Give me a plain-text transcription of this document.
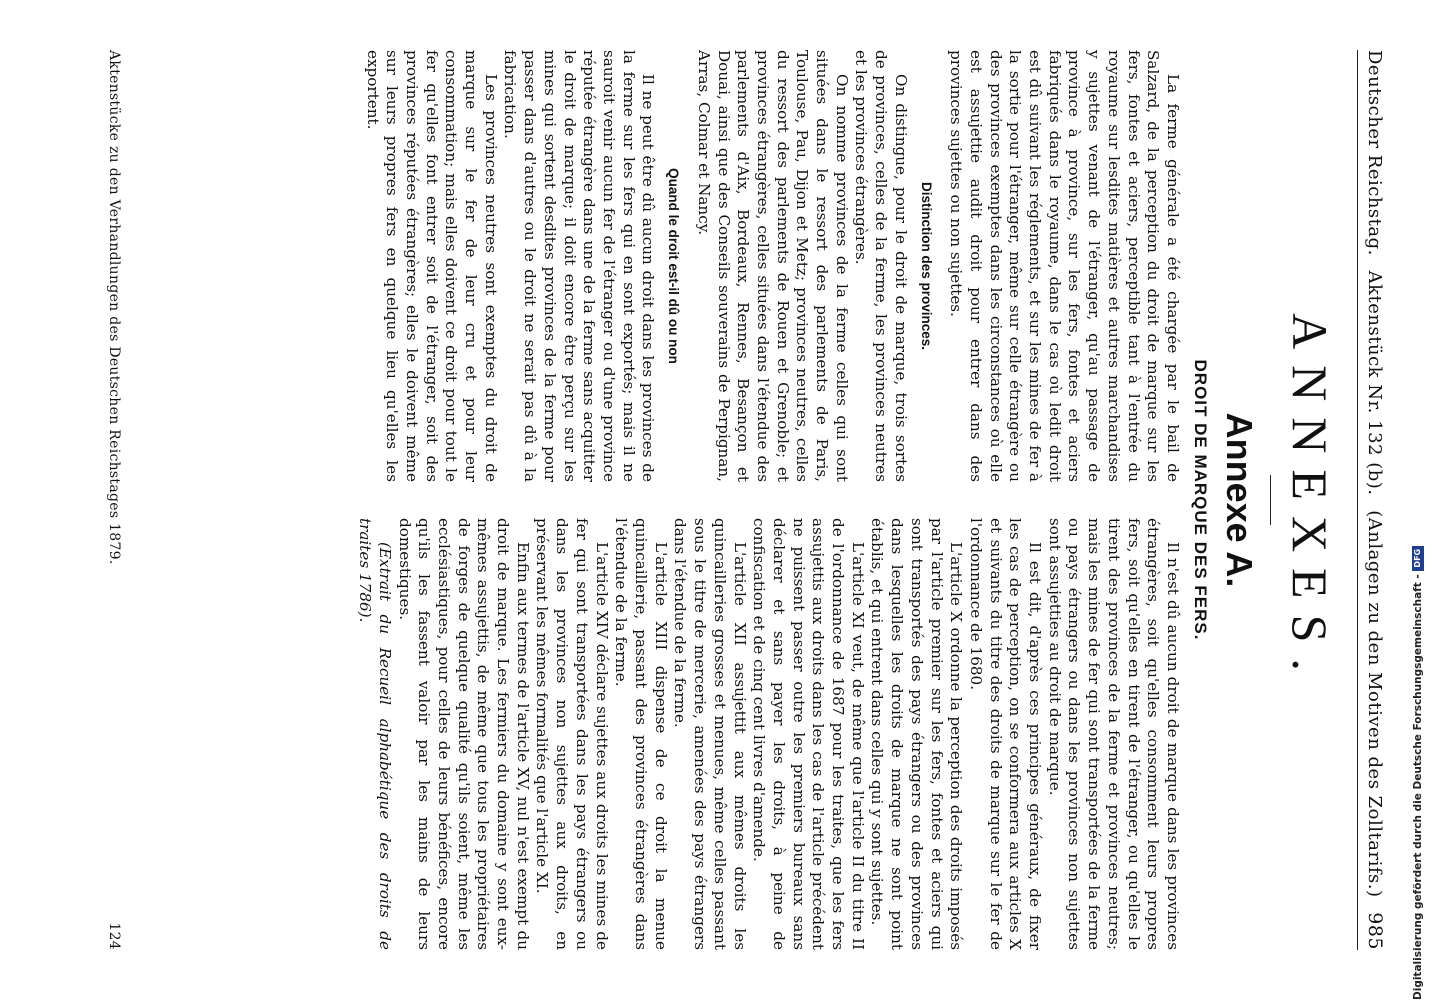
Deutscher Reichstag.
Aktenstück Nr. 132 (b).
(Anlagen zu den Motiven des Zolltarifs.)
985
ANNEXES.
Annexe A.
DROIT DE MARQUE DES FERS.

La ferme générale a été chargée par le bail de Salzard, de la perception du droit de marque sur les fers, fontes et aciers, perceptible tant à l'entrée du royaume sur lesdites matières et autres marchandises y sujettes venant de l'étranger, qu'au passage de province à province, sur les fers, fontes et aciers fabriqués dans le royaume, dans le cas où ledit droit est dû suivant les réglements, et sur les mines de fer à la sortie pour l'étranger, même sur celle étrangère ou des provinces exemptes dans les circonstances où elle est assujettie audit droit pour entrer dans des provinces sujettes ou non sujettes.

Distinction des provinces.

On distingue, pour le droit de marque, trois sortes de provinces, celles de la ferme, les provinces neutres et les provinces étrangères.

On nomme provinces de la ferme celles qui sont situées dans le ressort des parlements de Paris, Toulouse, Pau, Dijon et Metz; provinces neutres, celles du ressort des parlements de Rouen et Grenoble; et provinces étrangères, celles situées dans l'étendue des parlements d'Aix, Bordeaux, Rennes, Besançon et Douai, ainsi que des Conseils souverains de Perpignan, Arras, Colmar et Nancy.

Quand le droit est-il dû ou non

Il ne peut être dû aucun droit dans les provinces de la ferme sur les fers qui en sont exportés; mais il ne sauroit venir aucun fer de l'étranger ou d'une province réputée étrangère dans une de la ferme sans acquitter le droit de marque; il doit encore être perçu sur les mines qui sortent desdites provinces de la ferme pour passer dans d'autres ou le droit ne serait pas dû à la fabrication.

Les provinces neutres sont exemptes du droit de marque sur le fer de leur cru et pour leur consommation; mais elles doivent ce droit pour tout le fer qu'elles font entrer soit de l'étranger, soit des provinces réputées étrangères; elles le doivent même sur leurs propres fers en quelque lieu qu'elles les exportent.

Il n'est dû aucun droit de marque dans les provinces étrangères, soit qu'elles consomment leurs propres fers, soit qu'elles en tirent de l'étranger, ou qu'elles le tirent des provinces de la ferme et provinces neutres; mais les mines de fer qui sont transportées de la ferme ou pays étrangers ou dans les provinces non sujettes sont assujetties au droit de marque.

Il est dit, d'après ces principes généraux, de fixer les cas de perception, on se conformera aux articles X et suivants du titre des droits de marque sur le fer de l'ordonnance de 1680.

L'article X ordonne la perception des droits imposés par l'article premier sur les fers, fontes et aciers qui sont transportés des pays étrangers ou des provinces dans lesquelles les droits de marque ne sont point établis, et qui entrent dans celles qui y sont sujettes.

L'article XI veut, de même que l'article II du titre II de l'ordonnance de 1687 pour les traites, que les fers assujettis aux droits dans les cas de l'article précédent ne puissent passer outre les premiers bureaux sans déclarer et sans payer les droits, à peine de confiscation et de cinq cent livres d'amende.

L'article XII assujettit aux mêmes droits les quincailleries grosses et menues, même celles passant sous le titre de mercerie, amenées des pays étrangers dans l'étendue de la ferme.

L'article XIII dispense de ce droit la menue quincaillerie, passant des provinces étrangères dans l'étendue de la ferme.

L'article XIV déclare sujettes aux droits les mines de fer qui sont transportées dans les pays étrangers ou dans les provinces non sujettes aux droits, en préservant les mêmes formalités que l'article XI.

Enfin aux termes de l'article XV, nul n'est exempt du droit de marque. Les fermiers du domaine y sont eux-mêmes assujettis, de même que tous les propriétaires de forges de quelque qualité qu'ils soient, même les ecclésiastiques, pour celles de leurs bénéfices, encore qu'ils les fassent valoir par les mains de leurs domestiques.

(Extrait du Recueil alphabétique des droits de traites 1786).

Aktenstücke zu den Verhandlungen des Deutschen Reichstages 1879.
124	Digitalisierung gefördert durch die Deutsche Forschungsgemeinschaft - DFG
